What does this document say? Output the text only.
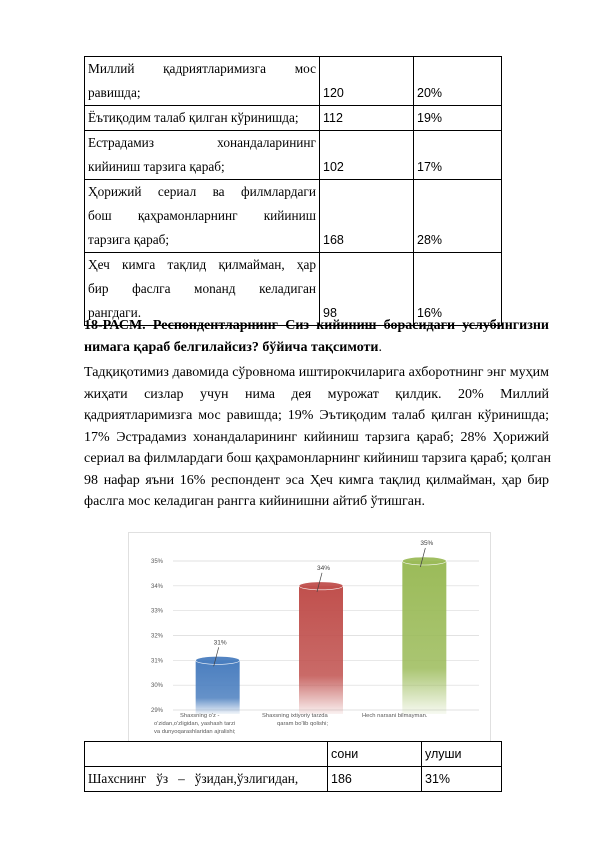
Миллий қадриятларимизга мос
равишда;	120	20%

Ёътиқодим талаб қилган кўринишда;	112	19%

Естрадамиз хонандаларининг
кийиниш тарзига қараб;	102	17%

Ҳорижий сериал ва филмлардаги
бош қаҳрамонларнинг кийиниш
тарзига қараб;	168	28%

Ҳеч кимга тақлид қилмайман, ҳар
бир фаслга мonанд келадиган
рангдаги.	98	16%
18-РАСМ. Респондентларнинг Сиз кийиниш борасидаги услубингизни
нимага қараб белгилайсиз? бўйича тақсимоти.
Тадқиқотимиз давомида сўровнома иштирокчиларига ахборотнинг энг муҳим
жиҳати сизлар учун нима дея мурожат қилдик. 20% Миллий
қадриятларимизга мос равишда; 19% Эътиқодим талаб қилган кўринишда;
17% Эстрадамиз хонандаларининг кийиниш тарзига қараб; 28% Ҳорижий
сериал ва филмлардаги бош қаҳрамонларнинг кийиниш тарзига қараб; қолган
98 нафар яъни 16% респондент эса Ҳеч кимга тақлид қилмайман, ҳар бир
фаслга мос келадиган рангга кийинишни айтиб ўтишган.
29%
30%
31%
32%
33%
34%
35%
31%
Shaxsning o'z -
o'zidan,o'zligidan, yashash tarzi
va dunyoqarashlaridan ajralishi;
34%
Shaxsning ixtiyoriy tarzda
qaram bo'lib qolishi;
35%
Hech narsani bilmayman.
	сони	улуши
Шахснинг   ўз   –   ўзидан,ўзлигидан,	186	31%
